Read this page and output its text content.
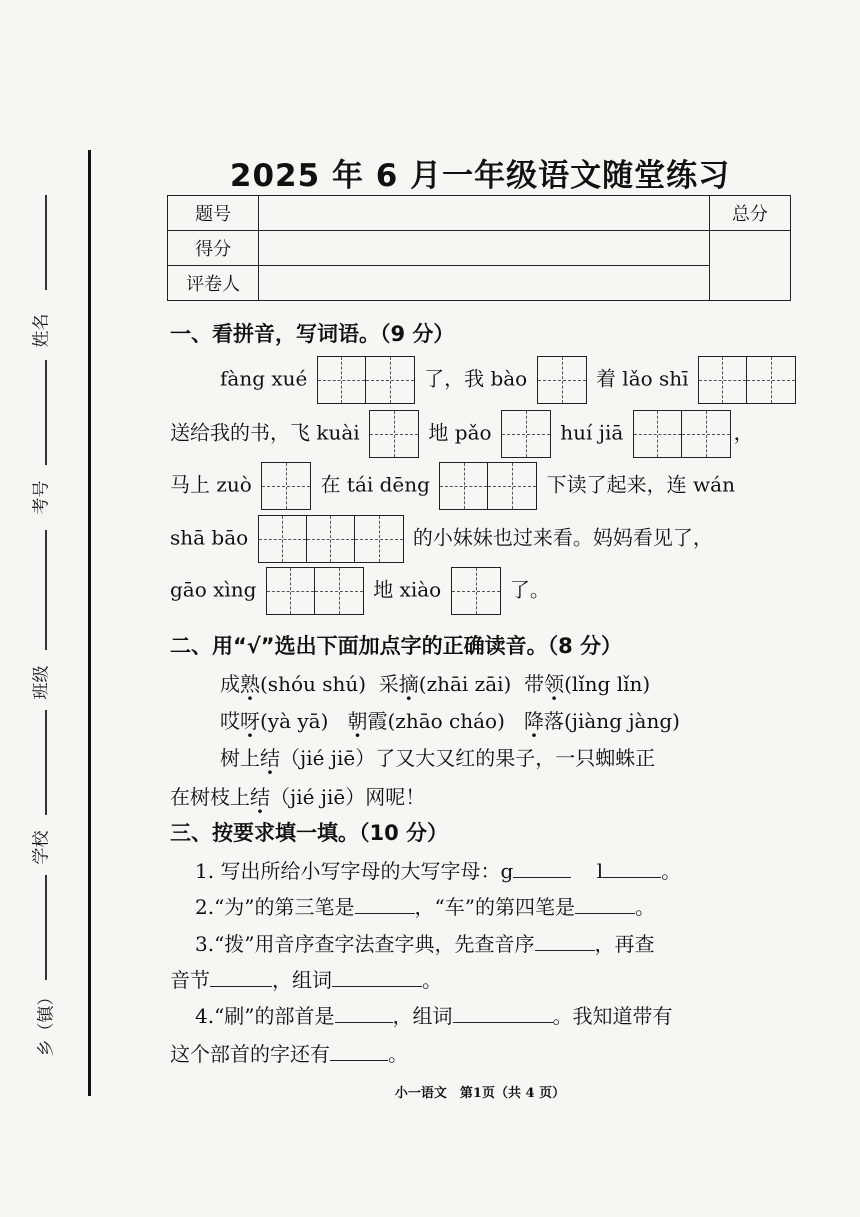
姓名
考号
班级
学校
乡（镇）
2025 年 6 月一年级语文随堂练习
题号		总分
得分		
评卷人		
一、看拼音，写词语。（9 分）
fàng xué	了，我 bào	着 lǎo shī
送给我的书，飞 kuài	地 pǎo	huí jiā	，
马上 zuò	在 tái dēng	下读了起来，连 wán
shā bāo	的小妹妹也过来看。妈妈看见了，
gāo xìng	地 xiào	了。
二、用“√”选出下面加点字的正确读音。（8 分）
成熟(shóu shú) 采摘(zhāi zāi) 带领(lǐng lǐn)
哎呀(yà yā) 朝霞(zhāo cháo) 降落(jiàng jàng)
树上结（jié jiē）了又大又红的果子，一只蜘蛛正
在树枝上结（jié jiē）网呢！
三、按要求填一填。（10 分）
1. 写出所给小写字母的大写字母：g	l	。
2.“为”的第三笔是	，“车”的第四笔是	。
3.“拨”用音序查字法查字典，先查音序	，再查
音节	，组词	。
4.“刷”的部首是	，组词	。我知道带有
这个部首的字还有	。
小一语文　第1页（共 4 页）
